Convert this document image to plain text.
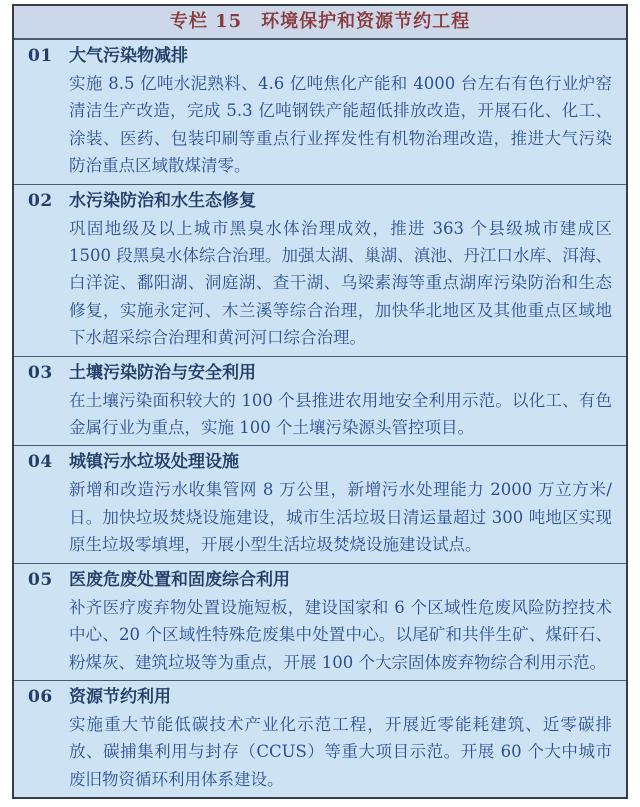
专栏 15　环境保护和资源节约工程
01 大气污染物减排
实施 8.5 亿吨水泥熟料、4.6 亿吨焦化产能和 4000 台左右有色行业炉窑清洁生产改造，完成 5.3 亿吨钢铁产能超低排放改造，开展石化、化工、涂装、医药、包装印刷等重点行业挥发性有机物治理改造，推进大气污染防治重点区域散煤清零。
02 水污染防治和水生态修复
巩固地级及以上城市黑臭水体治理成效，推进 363 个县级城市建成区 1500 段黑臭水体综合治理。加强太湖、巢湖、滇池、丹江口水库、洱海、白洋淀、鄱阳湖、洞庭湖、查干湖、乌梁素海等重点湖库污染防治和生态修复，实施永定河、木兰溪等综合治理，加快华北地区及其他重点区域地下水超采综合治理和黄河河口综合治理。
03 土壤污染防治与安全利用
在土壤污染面积较大的 100 个县推进农用地安全利用示范。以化工、有色金属行业为重点，实施 100 个土壤污染源头管控项目。
04 城镇污水垃圾处理设施
新增和改造污水收集管网 8 万公里，新增污水处理能力 2000 万立方米/日。加快垃圾焚烧设施建设，城市生活垃圾日清运量超过 300 吨地区实现原生垃圾零填埋，开展小型生活垃圾焚烧设施建设试点。
05 医废危废处置和固废综合利用
补齐医疗废弃物处置设施短板，建设国家和 6 个区域性危废风险防控技术中心、20 个区域性特殊危废集中处置中心。以尾矿和共伴生矿、煤矸石、粉煤灰、建筑垃圾等为重点，开展 100 个大宗固体废弃物综合利用示范。
06 资源节约利用
实施重大节能低碳技术产业化示范工程，开展近零能耗建筑、近零碳排放、碳捕集利用与封存（CCUS）等重大项目示范。开展 60 个大中城市废旧物资循环利用体系建设。
